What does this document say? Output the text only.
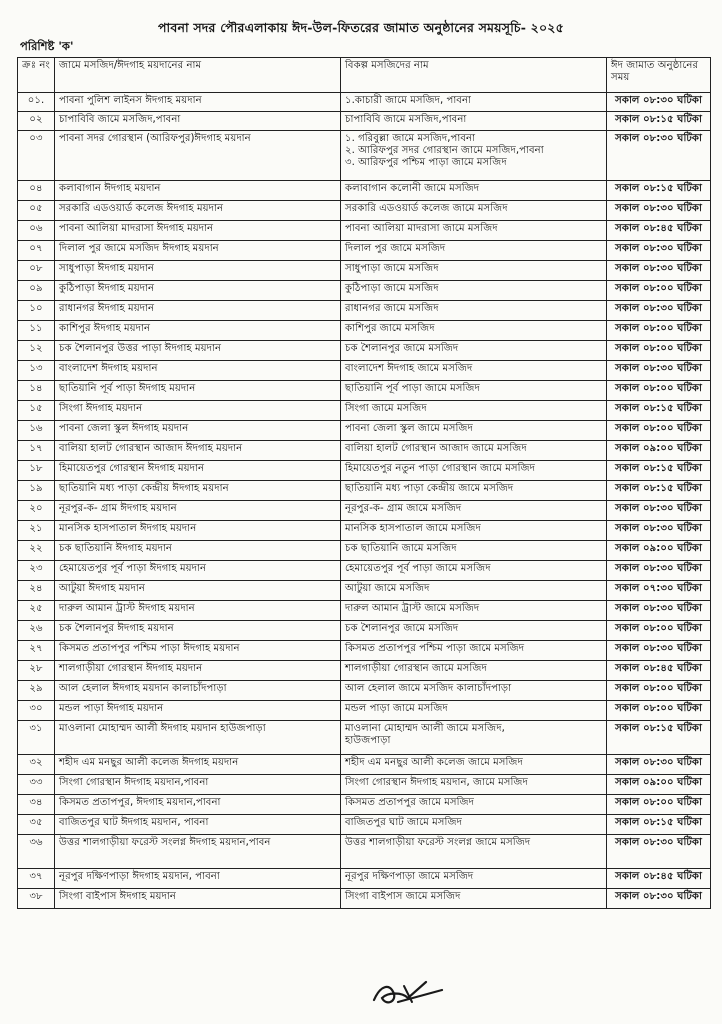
পাবনা সদর পৌরএলাকায় ঈদ-উল-ফিতরের জামাত অনুষ্ঠানের সময়সূচি- ২০২৫
পরিশিষ্ট 'ক'
ক্রঃ নং	জামে মসজিদ/ঈদগাহ ময়দানের নাম	বিকল্প মসজিদের নাম	ঈদ জামাত অনুষ্ঠানের সময়
০১.	পাবনা পুলিশ লাইনস ঈদগাহ ময়দান	১.কাচারী জামে মসজিদ, পাবনা	সকাল ০৮:৩০ ঘটিকা
০২	চাপাবিবি জামে মসজিদ,পাবনা	চাপাবিবি জামে মসজিদ,পাবনা	সকাল ০৮:১৫ ঘটিকা
০৩	পাবনা সদর গোরস্থান (আরিফপুর)ঈদগাহ ময়দান	১. গরিবুল্লা জামে মসজিদ,পাবনা
২. আরিফপুর সদর গোরস্থান জামে মসজিদ,পাবনা
৩. আরিফপুর পশ্চিম পাড়া জামে মসজিদ	সকাল ০৮:৩০ ঘটিকা
০৪	কলাবাগান ঈদগাহ ময়দান	কলাবাগান কলোনী জামে মসজিদ	সকাল ০৮:১৫ ঘটিকা
০৫	সরকারি এডওয়ার্ড কলেজ ঈদগাহ ময়দান	সরকারি এডওয়ার্ড কলেজ জামে মসজিদ	সকাল ০৮:৩০ ঘটিকা
০৬	পাবনা আলিয়া মাদরাসা ঈদগাহ ময়দান	পাবনা আলিয়া মাদরাসা জামে মসজিদ	সকাল ০৮:৪৫ ঘটিকা
০৭	দিলাল পুর জামে মসজিদ ঈদগাহ ময়দান	দিলাল পুর জামে মসজিদ	সকাল ০৮:৩০ ঘটিকা
০৮	সাধুপাড়া ঈদগাহ ময়দান	সাধুপাড়া জামে মসজিদ	সকাল ০৮:৩০ ঘটিকা
০৯	কুঠিপাড়া ঈদগাহ ময়দান	কুঠিপাড়া জামে মসজিদ	সকাল ০৮:০০ ঘটিকা
১০	রাধানগর ঈদগাহ ময়দান	রাধানগর জামে মসজিদ	সকাল ০৮:৩০ ঘটিকা
১১	কাশিপুর ঈদগাহ ময়দান	কাশিপুর জামে মসজিদ	সকাল ০৮:০০ ঘটিকা
১২	চক শৈলানপুর উত্তর পাড়া ঈদগাহ ময়দান	চক শৈলানপুর জামে মসজিদ	সকাল ০৮:০০ ঘটিকা
১৩	বাংলাদেশ ঈদগাহ ময়দান	বাংলাদেশ ঈদগাহ জামে মসজিদ	সকাল ০৮:৩০ ঘটিকা
১৪	ছাতিয়ানি পূর্ব পাড়া ঈদগাহ ময়দান	ছাতিয়ানি পূর্ব পাড়া জামে মসজিদ	সকাল ০৮:০০ ঘটিকা
১৫	সিংগা ঈদগাহ ময়দান	সিংগা জামে মসজিদ	সকাল ০৮:১৫ ঘটিকা
১৬	পাবনা জেলা স্কুল ঈদগাহ ময়দান	পাবনা জেলা স্কুল জামে মসজিদ	সকাল ০৮:০০ ঘটিকা
১৭	বালিয়া হালট গোরস্থান আজাদ ঈদগাহ ময়দান	বালিয়া হালট গোরস্থান আজাদ জামে মসজিদ	সকাল ০৯:০০ ঘটিকা
১৮	হিমায়েতপুর গোরস্থান ঈদগাহ ময়দান	হিমায়েতপুর নতুন পাড়া গোরস্থান জামে মসজিদ	সকাল ০৮:১৫ ঘটিকা
১৯	ছাতিয়ানি মধ্য পাড়া কেন্দ্রীয় ঈদগাহ ময়দান	ছাতিয়ানি মধ্য পাড়া কেন্দ্রীয় জামে মসজিদ	সকাল ০৮:১৫ ঘটিকা
২০	নূরপুর-ক- গ্রাম ঈদগাহ ময়দান	নূরপুর-ক- গ্রাম জামে মসজিদ	সকাল ০৮:৩০ ঘটিকা
২১	মানসিক হাসপাতাল ঈদগাহ ময়দান	মানসিক হাসপাতাল জামে মসজিদ	সকাল ০৮:৩০ ঘটিকা
২২	চক ছাতিয়ানি ঈদগাহ ময়দান	চক ছাতিয়ানি জামে মসজিদ	সকাল ০৯:০০ ঘটিকা
২৩	হেমায়েতপুর পূর্ব পাড়া ঈদগাহ ময়দান	হেমায়েতপুর পূর্ব পাড়া জামে মসজিদ	সকাল ০৮:৩০ ঘটিকা
২৪	আটুয়া ঈদগাহ ময়দান	আটুয়া জামে মসজিদ	সকাল ০৭:৩০ ঘটিকা
২৫	দারুল আমান ট্রাস্ট ঈদগাহ ময়দান	দারুল আমান ট্রাস্ট জামে মসজিদ	সকাল ০৮:৩০ ঘটিকা
২৬	চক শৈলানপুর ঈদগাহ ময়দান	চক শৈলানপুর জামে মসজিদ	সকাল ০৮:০০ ঘটিকা
২৭	কিসমত প্রতাপপুর পশ্চিম পাড়া ঈদগাহ ময়দান	কিসমত প্রতাপপুর পশ্চিম পাড়া জামে মসজিদ	সকাল ০৮:৩০ ঘটিকা
২৮	শালগাড়ীয়া গোরস্থান ঈদগাহ ময়দান	শালগাড়ীয়া গোরস্থান জামে মসজিদ	সকাল ০৮:৪৫ ঘটিকা
২৯	আল হেলাল ঈদগাহ ময়দান কালাচাঁদপাড়া	আল হেলাল জামে মসজিদ কালাচাঁদপাড়া	সকাল ০৮:০০ ঘটিকা
৩০	মন্ডল পাড়া ঈদগাহ ময়দান	মন্ডল পাড়া জামে মসজিদ	সকাল ০৮:০০ ঘটিকা
৩১	মাওলানা মোহাম্মদ আলী ঈদগাহ ময়দান হাউজপাড়া	মাওলানা মোহাম্মদ আলী জামে মসজিদ,
হাউজপাড়া	সকাল ০৮:১৫ ঘটিকা
৩২	শহীদ এম মনছুর আলী কলেজ ঈদগাহ ময়দান	শহীদ এম মনছুর আলী কলেজ জামে মসজিদ	সকাল ০৮:৩০ ঘটিকা
৩৩	সিংগা গোরস্থান ঈদগাহ ময়দান,পাবনা	সিংগা গোরস্থান ঈদগাহ ময়দান, জামে মসজিদ	সকাল ০৯:০০ ঘটিকা
৩৪	কিসমত প্রতাপপুর, ঈদগাহ ময়দান,পাবনা	কিসমত প্রতাপপুর জামে মসজিদ	সকাল ০৮:০০ ঘটিকা
৩৫	বাজিতপুর ঘাট ঈদগাহ ময়দান, পাবনা	বাজিতপুর ঘাট জামে মসজিদ	সকাল ০৮:১৫ ঘটিকা
৩৬	উত্তর শালগাড়ীয়া ফরেস্ট সংলগ্ন ঈদগাহ ময়দান,পাবন	উত্তর শালগাড়ীয়া ফরেস্ট সংলগ্ন জামে মসজিদ	সকাল ০৮:৩০ ঘটিকা
৩৭	নূরপুর দক্ষিণপাড়া ঈদগাহ ময়দান, পাবনা	নূরপুর দক্ষিণপাড়া জামে মসজিদ	সকাল ০৮:৪৫ ঘটিকা
৩৮	সিংগা বাইপাস ঈদগাহ ময়দান	সিংগা বাইপাস জামে মসজিদ	সকাল ০৮:৩০ ঘটিকা
